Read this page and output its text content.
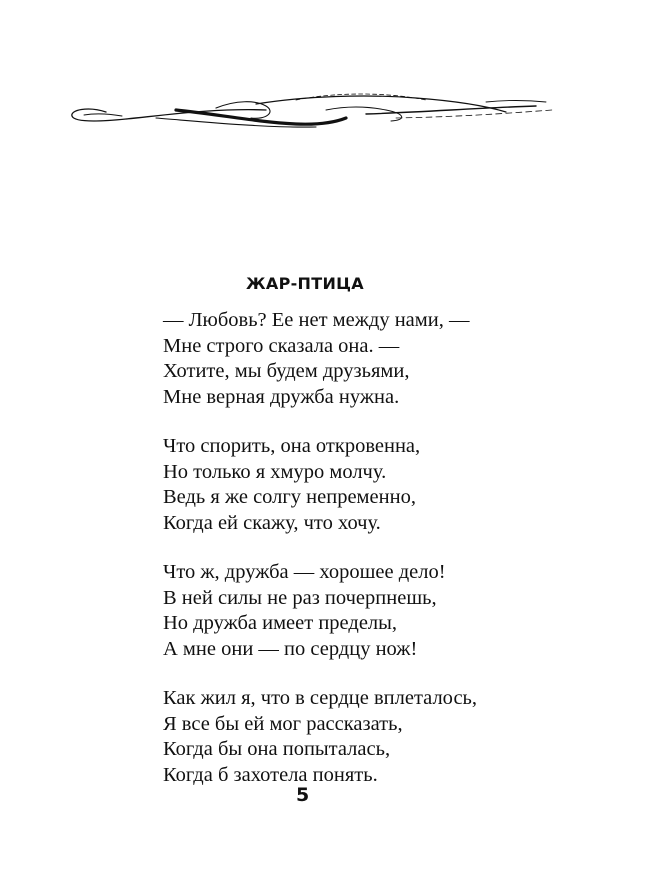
ЖАР-ПТИЦА
— Любовь? Ее нет между нами, —
Мне строго сказала она. —
Хотите, мы будем друзьями,
Мне верная дружба нужна.
Что спорить, она откровенна,
Но только я хмуро молчу.
Ведь я же солгу непременно,
Когда ей скажу, что хочу.
Что ж, дружба — хорошее дело!
В ней силы не раз почерпнешь,
Но дружба имеет пределы,
А мне они — по сердцу нож!
Как жил я, что в сердце вплеталось,
Я все бы ей мог рассказать,
Когда бы она попыталась,
Когда б захотела понять.
5
